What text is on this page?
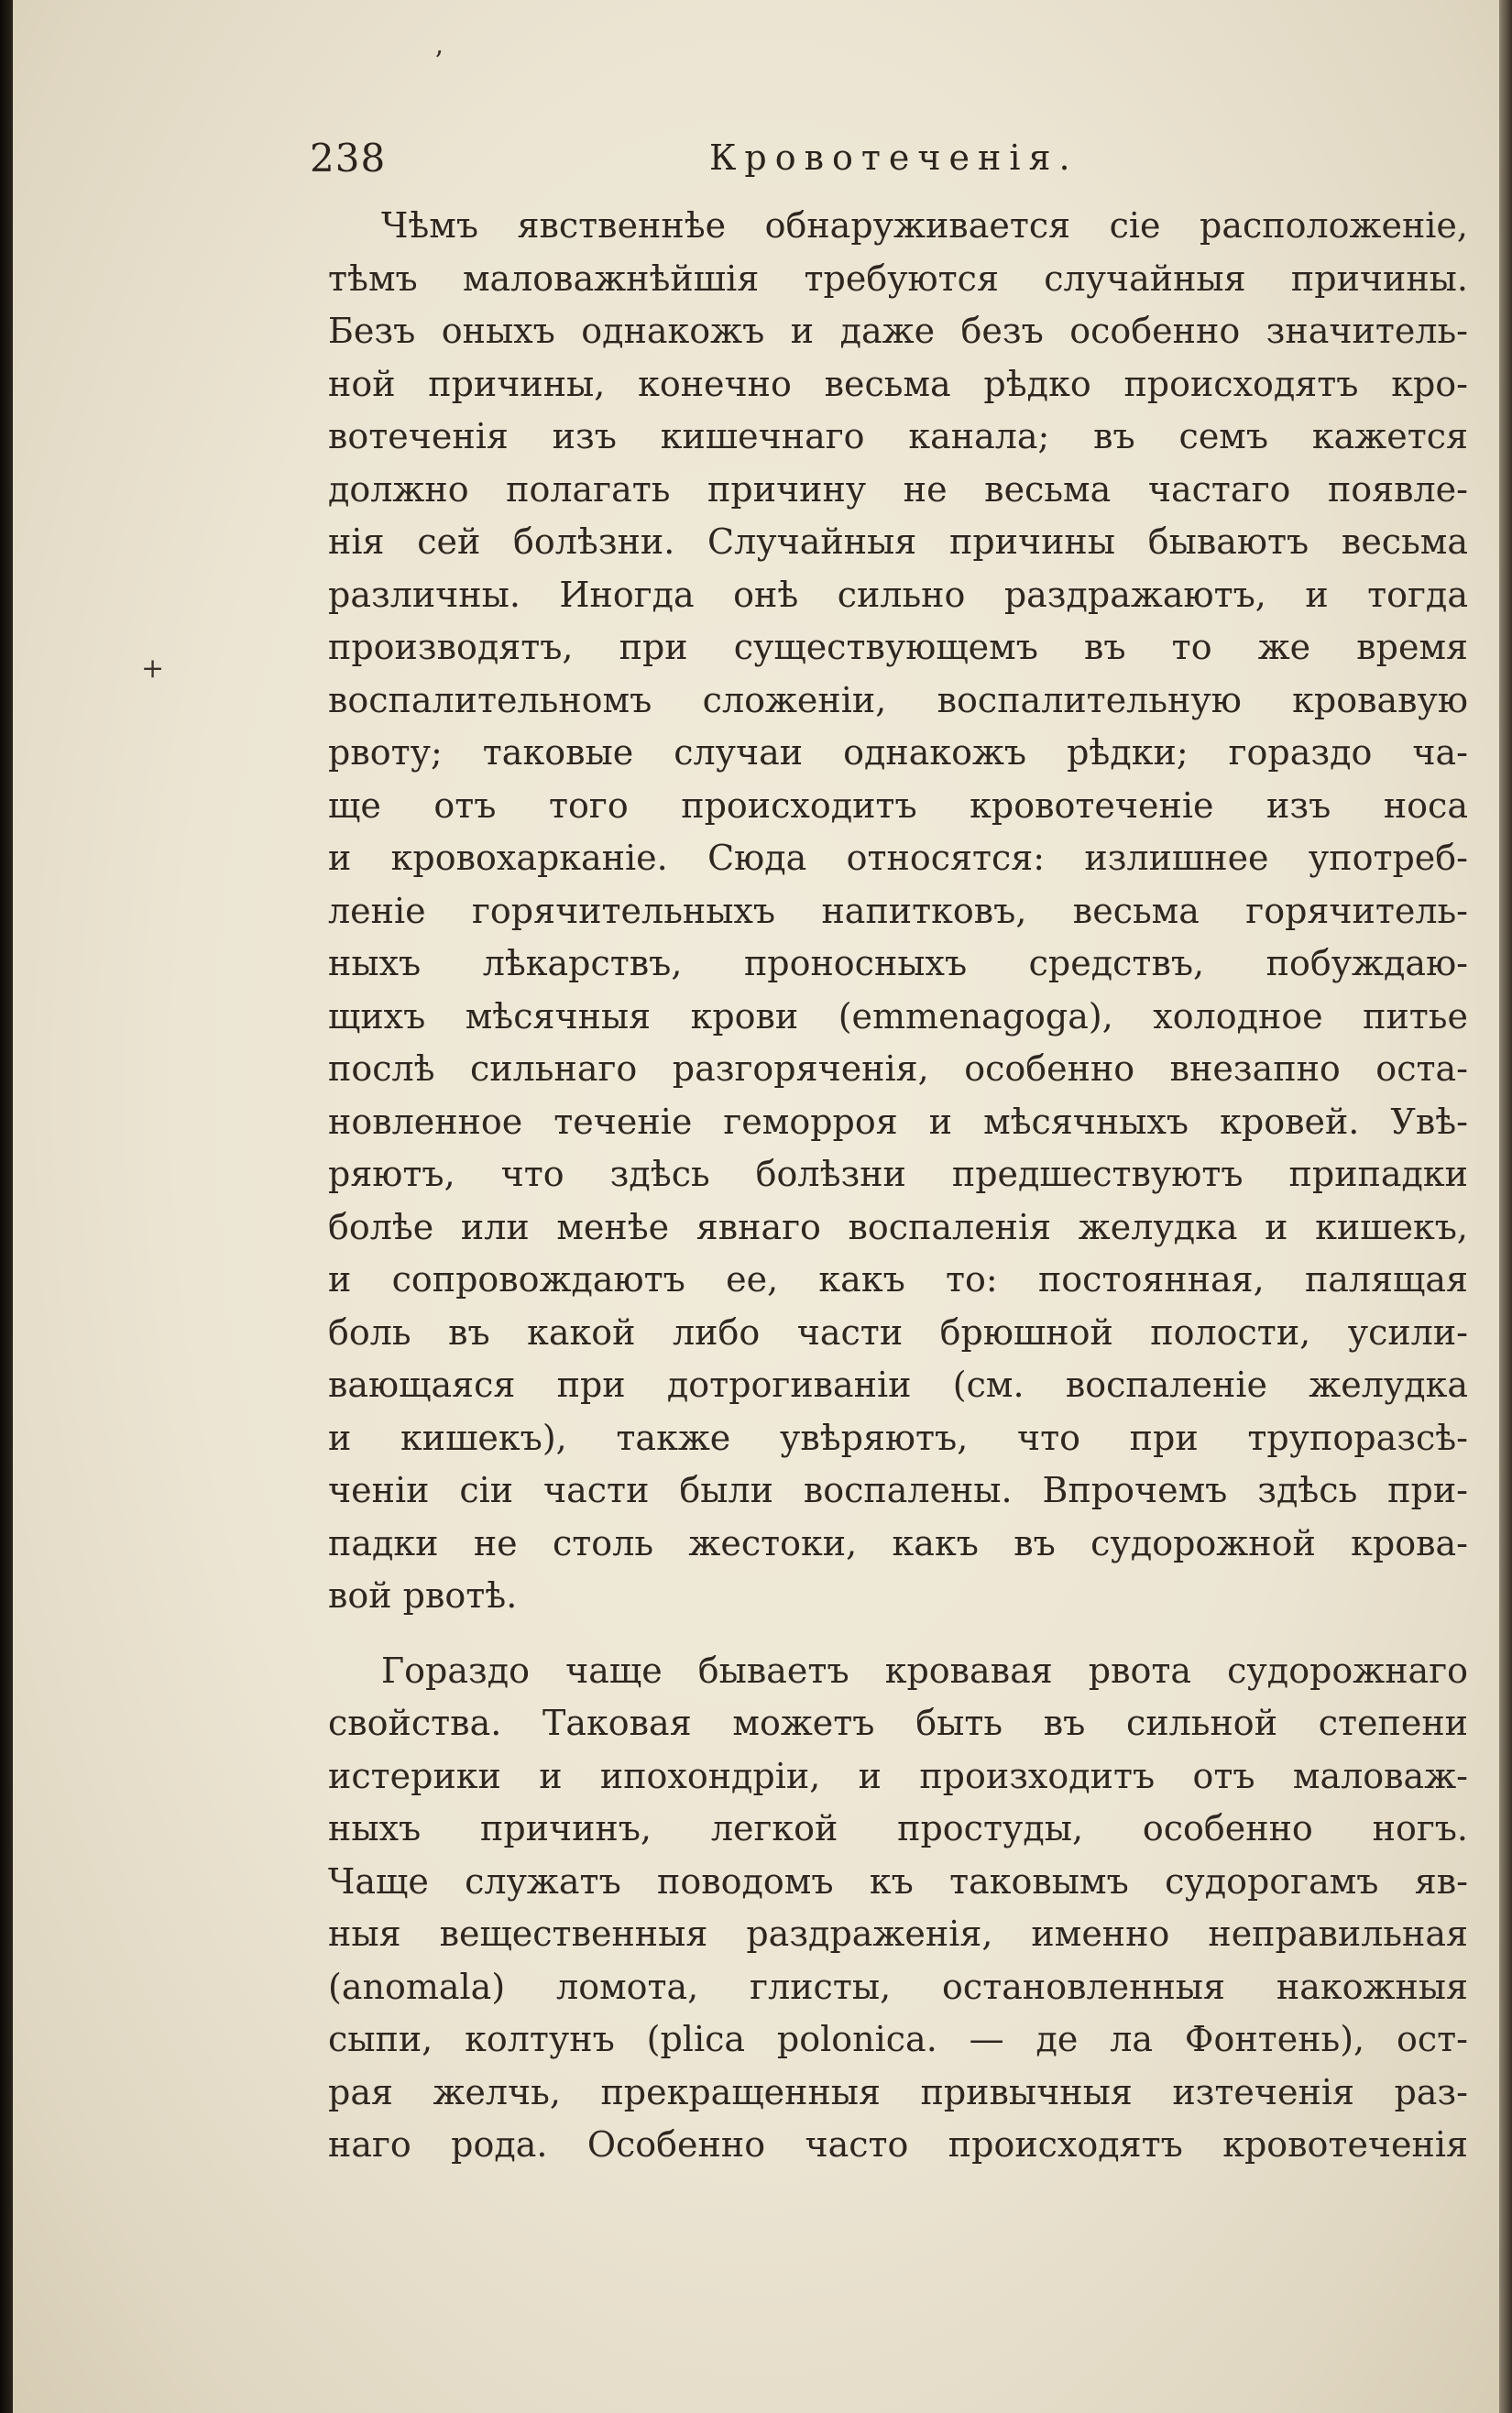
238	Кровотеченія.
Чѣмъ явственнѣе обнаруживается сіе расположеніе,
тѣмъ маловажнѣйшія требуются случайныя причины.
Безъ оныхъ однакожъ и даже безъ особенно значитель-
ной причины, конечно весьма рѣдко происходятъ кро-
вотеченія изъ кишечнаго канала; въ семъ кажется
должно полагать причину не весьма частаго появле-
нія сей болѣзни. Случайныя причины бываютъ весьма
различны. Иногда онѣ сильно раздражаютъ, и тогда
производятъ, при существующемъ въ то же время
воспалительномъ сложеніи, воспалительную кровавую
рвоту; таковые случаи однакожъ рѣдки; гораздо ча-
ще отъ того происходитъ кровотеченіе изъ носа
и кровохарканіе. Сюда относятся: излишнее употреб-
леніе горячительныхъ напитковъ, весьма горячитель-
ныхъ лѣкарствъ, проносныхъ средствъ, побуждаю-
щихъ мѣсячныя крови (emmenagoga), холодное питье
послѣ сильнаго разгоряченія, особенно внезапно оста-
новленное теченіе геморроя и мѣсячныхъ кровей. Увѣ-
ряютъ, что здѣсь болѣзни предшествуютъ припадки
болѣе или менѣе явнаго воспаленія желудка и кишекъ,
и сопровождаютъ ее, какъ то: постоянная, палящая
боль въ какой либо части брюшной полости, усили-
вающаяся при дотрогиваніи (см. воспаленіе желудка
и кишекъ), также увѣряютъ, что при трупоразсѣ-
ченіи сіи части были воспалены. Впрочемъ здѣсь при-
падки не столь жестоки, какъ въ судорожной крова-
вой рвотѣ.
Гораздо чаще бываетъ кровавая рвота судорожнаго
свойства. Таковая можетъ быть въ сильной степени
истерики и ипохондріи, и произходитъ отъ маловаж-
ныхъ причинъ, легкой простуды, особенно ногъ.
Чаще служатъ поводомъ къ таковымъ судорогамъ яв-
ныя вещественныя раздраженія, именно неправильная
(anomala) ломота, глисты, остановленныя накожныя
сыпи, колтунъ (plica polonica. — де ла Фонтень), ост-
рая желчь, прекращенныя привычныя изтеченія раз-
наго рода. Особенно часто происходятъ кровотеченія
+
’
